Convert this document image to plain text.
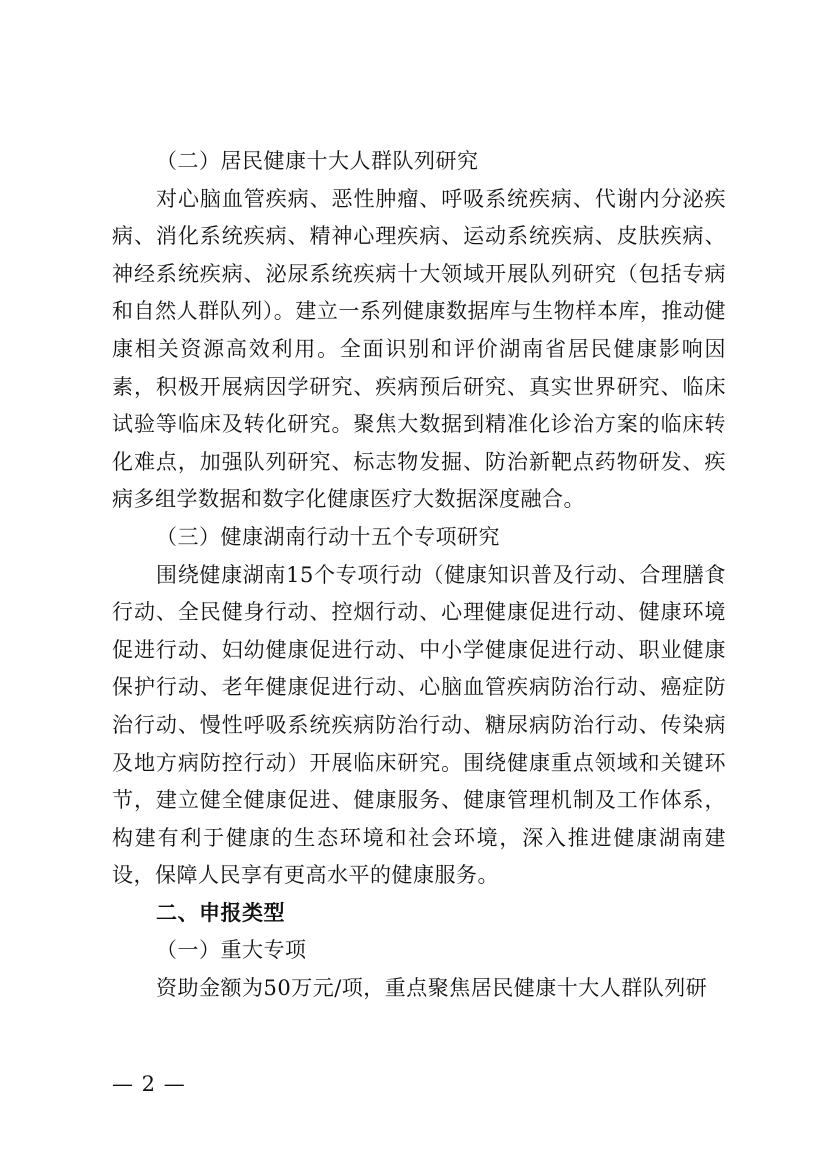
（二）居民健康十大人群队列研究

对心脑血管疾病、恶性肿瘤、呼吸系统疾病、代谢内分泌疾病、消化系统疾病、精神心理疾病、运动系统疾病、皮肤疾病、神经系统疾病、泌尿系统疾病十大领域开展队列研究（包括专病和自然人群队列）。建立一系列健康数据库与生物样本库，推动健康相关资源高效利用。全面识别和评价湖南省居民健康影响因素，积极开展病因学研究、疾病预后研究、真实世界研究、临床试验等临床及转化研究。聚焦大数据到精准化诊治方案的临床转化难点，加强队列研究、标志物发掘、防治新靶点药物研发、疾病多组学数据和数字化健康医疗大数据深度融合。

（三）健康湖南行动十五个专项研究

围绕健康湖南15个专项行动（健康知识普及行动、合理膳食行动、全民健身行动、控烟行动、心理健康促进行动、健康环境促进行动、妇幼健康促进行动、中小学健康促进行动、职业健康保护行动、老年健康促进行动、心脑血管疾病防治行动、癌症防治行动、慢性呼吸系统疾病防治行动、糖尿病防治行动、传染病及地方病防控行动）开展临床研究。围绕健康重点领域和关键环节，建立健全健康促进、健康服务、健康管理机制及工作体系，构建有利于健康的生态环境和社会环境，深入推进健康湖南建设，保障人民享有更高水平的健康服务。

二、申报类型

（一）重大专项

资助金额为50万元/项，重点聚焦居民健康十大人群队列研

— 2 —
